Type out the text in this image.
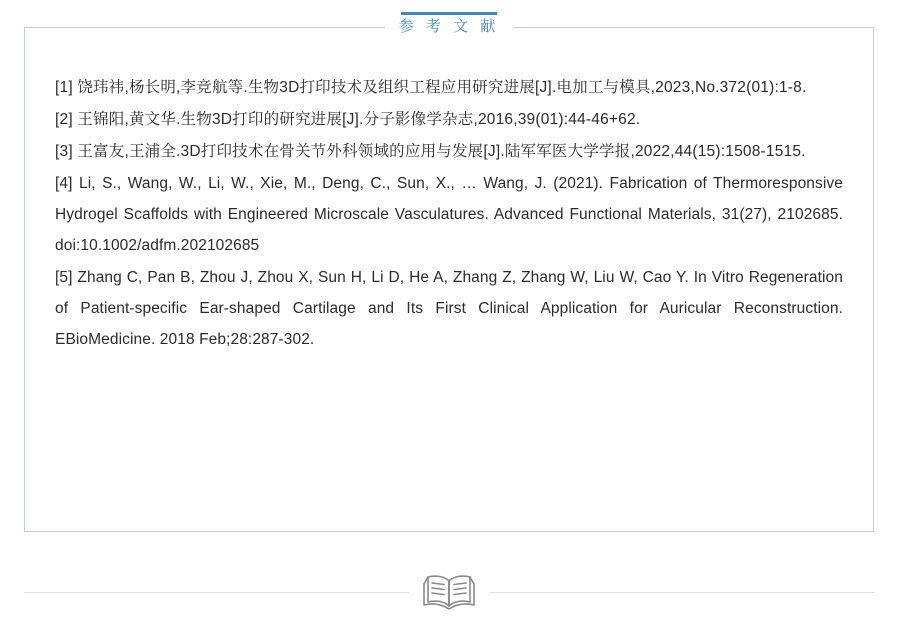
参 考 文 献

[1] 饶玮祎,杨长明,李竞航等.生物3D打印技术及组织工程应用研究进展[J].电加工与模具,2023,No.372(01):1-8.

[2] 王锦阳,黄文华.生物3D打印的研究进展[J].分子影像学杂志,2016,39(01):44-46+62.

[3] 王富友,王浦全.3D打印技术在骨关节外科领域的应用与发展[J].陆军军医大学学报,2022,44(15):1508-1515.

[4] Li, S., Wang, W., Li, W., Xie, M., Deng, C., Sun, X., … Wang, J. (2021). Fabrication of Thermoresponsive Hydrogel Scaffolds with Engineered Microscale Vasculatures. Advanced Functional Materials, 31(27), 2102685. doi:10.1002/adfm.202102685

[5] Zhang C, Pan B, Zhou J, Zhou X, Sun H, Li D, He A, Zhang Z, Zhang W, Liu W, Cao Y. In Vitro Regeneration of Patient-specific Ear-shaped Cartilage and Its First Clinical Application for Auricular Reconstruction. EBioMedicine. 2018 Feb;28:287-302.
